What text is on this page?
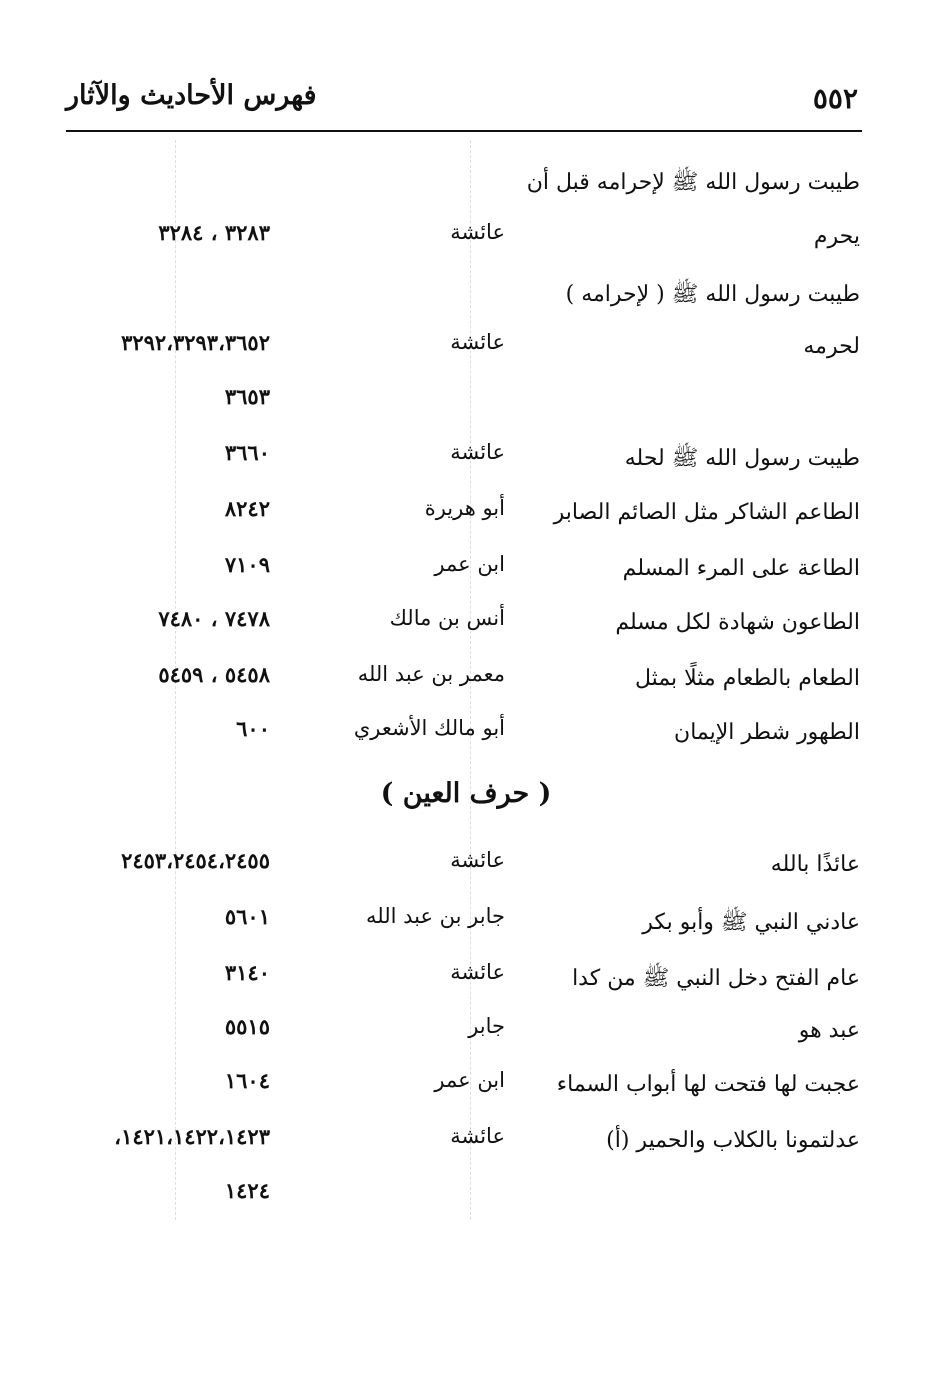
٥٥٢
فهرس الأحاديث والآثار
طيبت رسول الله ﷺ لإحرامه قبل أن
يحرم
عائشة
٣٢٨٣ ، ٣٢٨٤
طيبت رسول الله ﷺ ( لإحرامه )
لحرمه
عائشة
٣٢٩٢،٣٢٩٣،٣٦٥٢
٣٦٥٣
طيبت رسول الله ﷺ لحله
عائشة
٣٦٦٠
الطاعم الشاكر مثل الصائم الصابر
أبو هريرة
٨٢٤٢
الطاعة على المرء المسلم
ابن عمر
٧١٠٩
الطاعون شهادة لكل مسلم
أنس بن مالك
٧٤٧٨ ، ٧٤٨٠
الطعام بالطعام مثلًا بمثل
معمر بن عبد الله
٥٤٥٨ ، ٥٤٥٩
الطهور شطر الإيمان
أبو مالك الأشعري
٦٠٠
( حرف العين )
عائذًا بالله
عائشة
٢٤٥٣،٢٤٥٤،٢٤٥٥
عادني النبي ﷺ وأبو بكر
جابر بن عبد الله
٥٦٠١
عام الفتح دخل النبي ﷺ من كدا
عائشة
٣١٤٠
عبد هو
جابر
٥٥١٥
عجبت لها فتحت لها أبواب السماء
ابن عمر
١٦٠٤
عدلتمونا بالكلاب والحمير (أ)
عائشة
١٤٢١،١٤٢٢،١٤٢٣،
١٤٢٤
